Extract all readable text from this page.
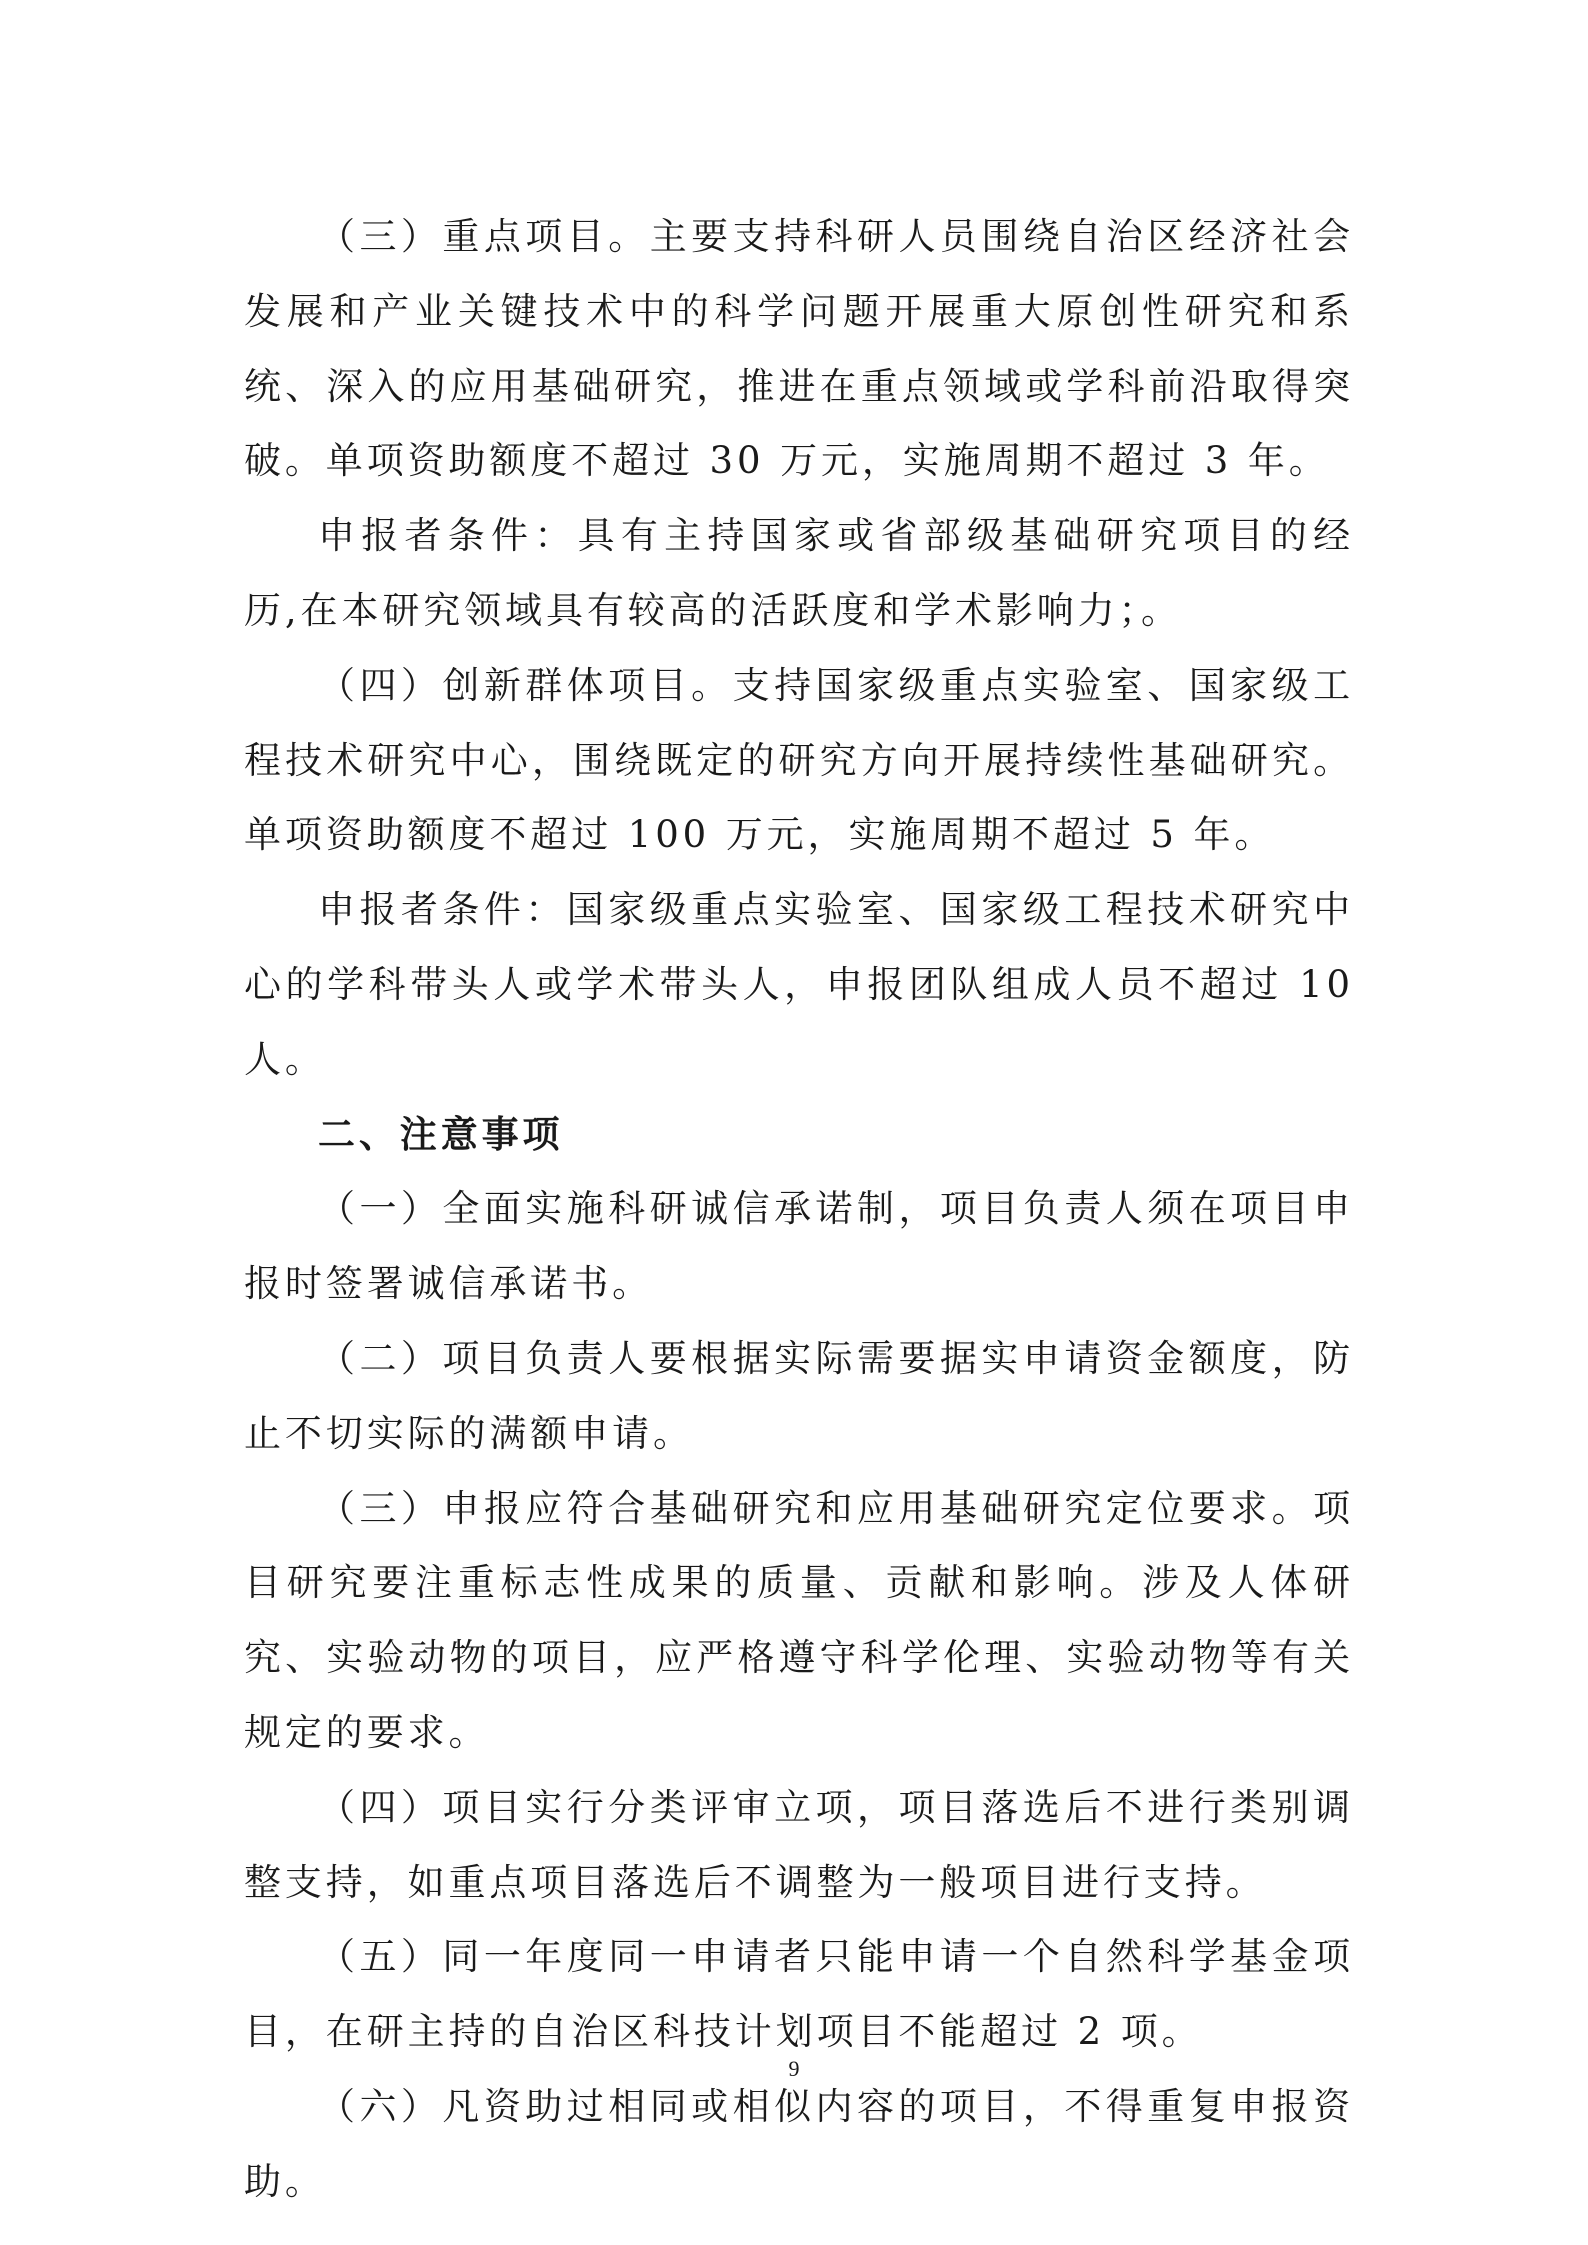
（三）重点项目。主要支持科研人员围绕自治区经济社会发展和产业关键技术中的科学问题开展重大原创性研究和系统、深入的应用基础研究，推进在重点领域或学科前沿取得突破。单项资助额度不超过 30 万元，实施周期不超过 3 年。

申报者条件：具有主持国家或省部级基础研究项目的经历,在本研究领域具有较高的活跃度和学术影响力；。

（四）创新群体项目。支持国家级重点实验室、国家级工程技术研究中心，围绕既定的研究方向开展持续性基础研究。单项资助额度不超过 100 万元，实施周期不超过 5 年。

申报者条件：国家级重点实验室、国家级工程技术研究中心的学科带头人或学术带头人，申报团队组成人员不超过 10 人。

二、注意事项

（一）全面实施科研诚信承诺制，项目负责人须在项目申报时签署诚信承诺书。

（二）项目负责人要根据实际需要据实申请资金额度，防止不切实际的满额申请。

（三）申报应符合基础研究和应用基础研究定位要求。项目研究要注重标志性成果的质量、贡献和影响。涉及人体研究、实验动物的项目，应严格遵守科学伦理、实验动物等有关规定的要求。

（四）项目实行分类评审立项，项目落选后不进行类别调整支持，如重点项目落选后不调整为一般项目进行支持。

（五）同一年度同一申请者只能申请一个自然科学基金项目，在研主持的自治区科技计划项目不能超过 2 项。

（六）凡资助过相同或相似内容的项目，不得重复申报资助。

9
